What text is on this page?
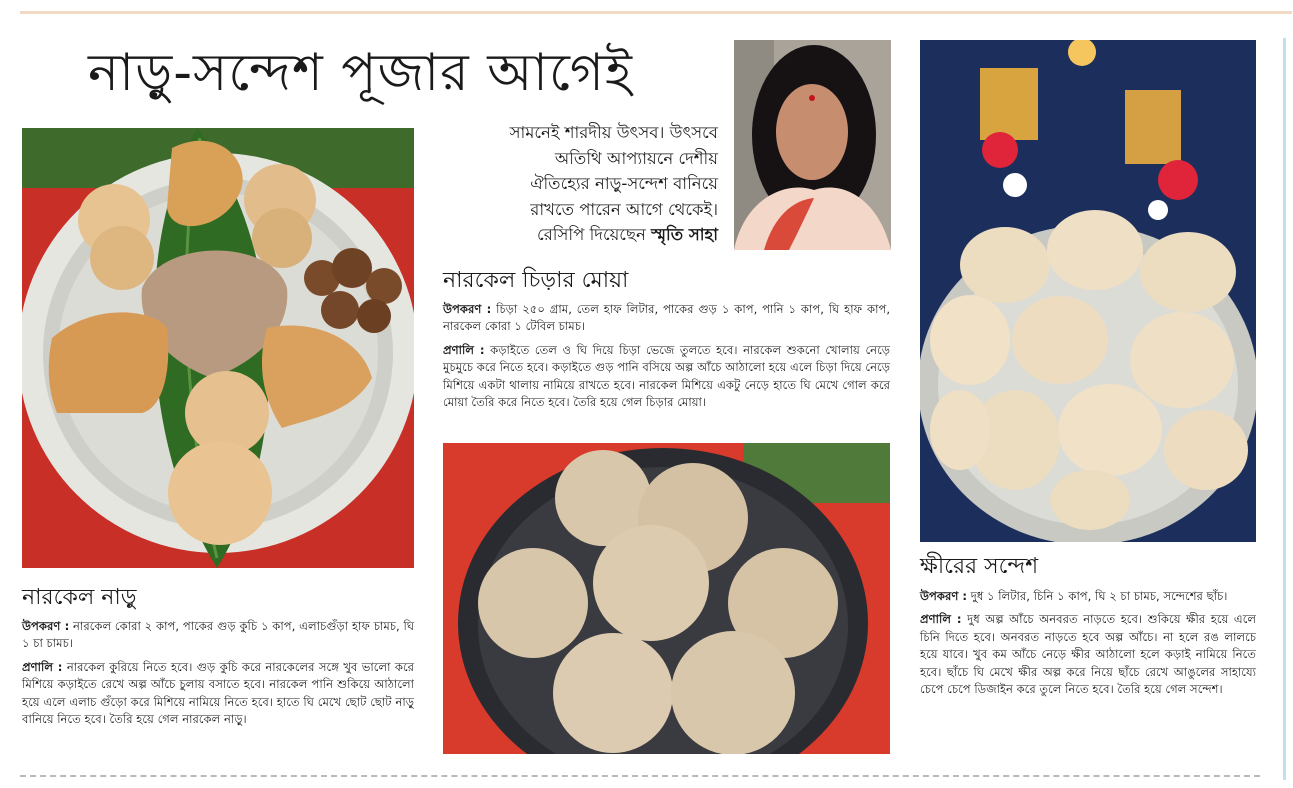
নাড়ু-সন্দেশ পূজার আগেই
সামনেই শারদীয় উৎসব। উৎসবে
অতিথি আপ্যায়নে দেশীয়
ঐতিহ্যের নাড়ু-সন্দেশ বানিয়ে
রাখতে পারেন আগে থেকেই।
রেসিপি দিয়েছেন স্মৃতি সাহা
নারকেল চিড়ার মোয়া

উপকরণ : চিড়া ২৫০ গ্রাম, তেল হাফ লিটার, পাকের গুড় ১ কাপ, পানি ১ কাপ, ঘি হাফ কাপ, নারকেল কোরা ১ টেবিল চামচ।

প্রণালি : কড়াইতে তেল ও ঘি দিয়ে চিড়া ভেজে তুলতে হবে। নারকেল শুকনো খোলায় নেড়ে মুচমুচে করে নিতে হবে। কড়াইতে গুড় পানি বসিয়ে অল্প আঁচে আঠালো হয়ে এলে চিড়া দিয়ে নেড়ে মিশিয়ে একটা থালায় নামিয়ে রাখতে হবে। নারকেল মিশিয়ে একটু নেড়ে হাতে ঘি মেখে গোল করে মোয়া তৈরি করে নিতে হবে। তৈরি হয়ে গেল চিড়ার মোয়া।

নারকেল নাড়ু

উপকরণ : নারকেল কোরা ২ কাপ, পাকের গুড় কুচি ১ কাপ, এলাচগুঁড়া হাফ চামচ, ঘি ১ চা চামচ।

প্রণালি : নারকেল কুরিয়ে নিতে হবে। গুড় কুচি করে নারকেলের সঙ্গে খুব ভালো করে মিশিয়ে কড়াইতে রেখে অল্প আঁচে চুলায় বসাতে হবে। নারকেল পানি শুকিয়ে আঠালো হয়ে এলে এলাচ গুঁড়ো করে মিশিয়ে নামিয়ে নিতে হবে। হাতে ঘি মেখে ছোট ছোট নাড়ু বানিয়ে নিতে হবে। তৈরি হয়ে গেল নারকেল নাড়ু।

ক্ষীরের সন্দেশ

উপকরণ : দুধ ১ লিটার, চিনি ১ কাপ, ঘি ২ চা চামচ, সন্দেশের ছাঁচ।

প্রণালি : দুধ অল্প আঁচে অনবরত নাড়তে হবে। শুকিয়ে ক্ষীর হয়ে এলে চিনি দিতে হবে। অনবরত নাড়তে হবে অল্প আঁচে। না হলে রঙ লালচে হয়ে যাবে। খুব কম আঁচে নেড়ে ক্ষীর আঠালো হলে কড়াই নামিয়ে নিতে হবে। ছাঁচে ঘি মেখে ক্ষীর অল্প করে নিয়ে ছাঁচে রেখে আঙুলের সাহায্যে চেপে চেপে ডিজাইন করে তুলে নিতে হবে। তৈরি হয়ে গেল সন্দেশ।
